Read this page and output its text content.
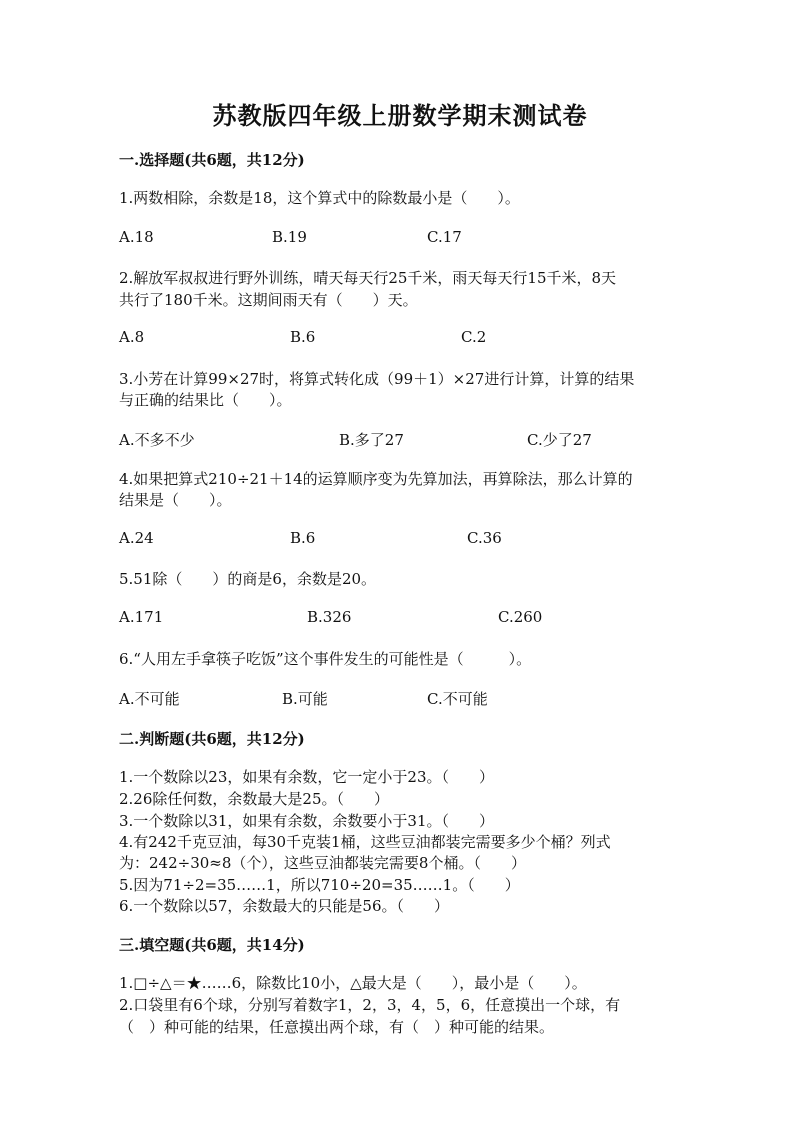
苏教版四年级上册数学期末测试卷
一.选择题(共6题，共12分)
1.两数相除，余数是18，这个算式中的除数最小是（　　）。
A.18	B.19	C.17
2.解放军叔叔进行野外训练，晴天每天行25千米，雨天每天行15千米，8天
共行了180千米。这期间雨天有（　　）天。
A.8	B.6	C.2
3.小芳在计算99×27时，将算式转化成（99＋1）×27进行计算，计算的结果
与正确的结果比（　　）。
A.不多不少	B.多了27	C.少了27
4.如果把算式210÷21＋14的运算顺序变为先算加法，再算除法，那么计算的
结果是（　　）。
A.24	B.6	C.36
5.51除（　　）的商是6，余数是20。
A.171	B.326	C.260
6.“人用左手拿筷子吃饭”这个事件发生的可能性是（　　　）。
A.不可能	B.可能	C.不可能
二.判断题(共6题，共12分)
1.一个数除以23，如果有余数，它一定小于23。（　　）
2.26除任何数，余数最大是25。（　　）
3.一个数除以31，如果有余数，余数要小于31。（　　）
4.有242千克豆油，每30千克装1桶，这些豆油都装完需要多少个桶？列式
为：242÷30≈8（个），这些豆油都装完需要8个桶。（　　）
5.因为71÷2=35……1，所以710÷20=35……1。（　　）
6.一个数除以57，余数最大的只能是56。（　　）
三.填空题(共6题，共14分)
1.□÷△＝★……6，除数比10小，△最大是（　　），最小是（　　）。
2.口袋里有6个球，分别写着数字1，2，3，4，5，6，任意摸出一个球，有
（　）种可能的结果，任意摸出两个球，有（　）种可能的结果。
